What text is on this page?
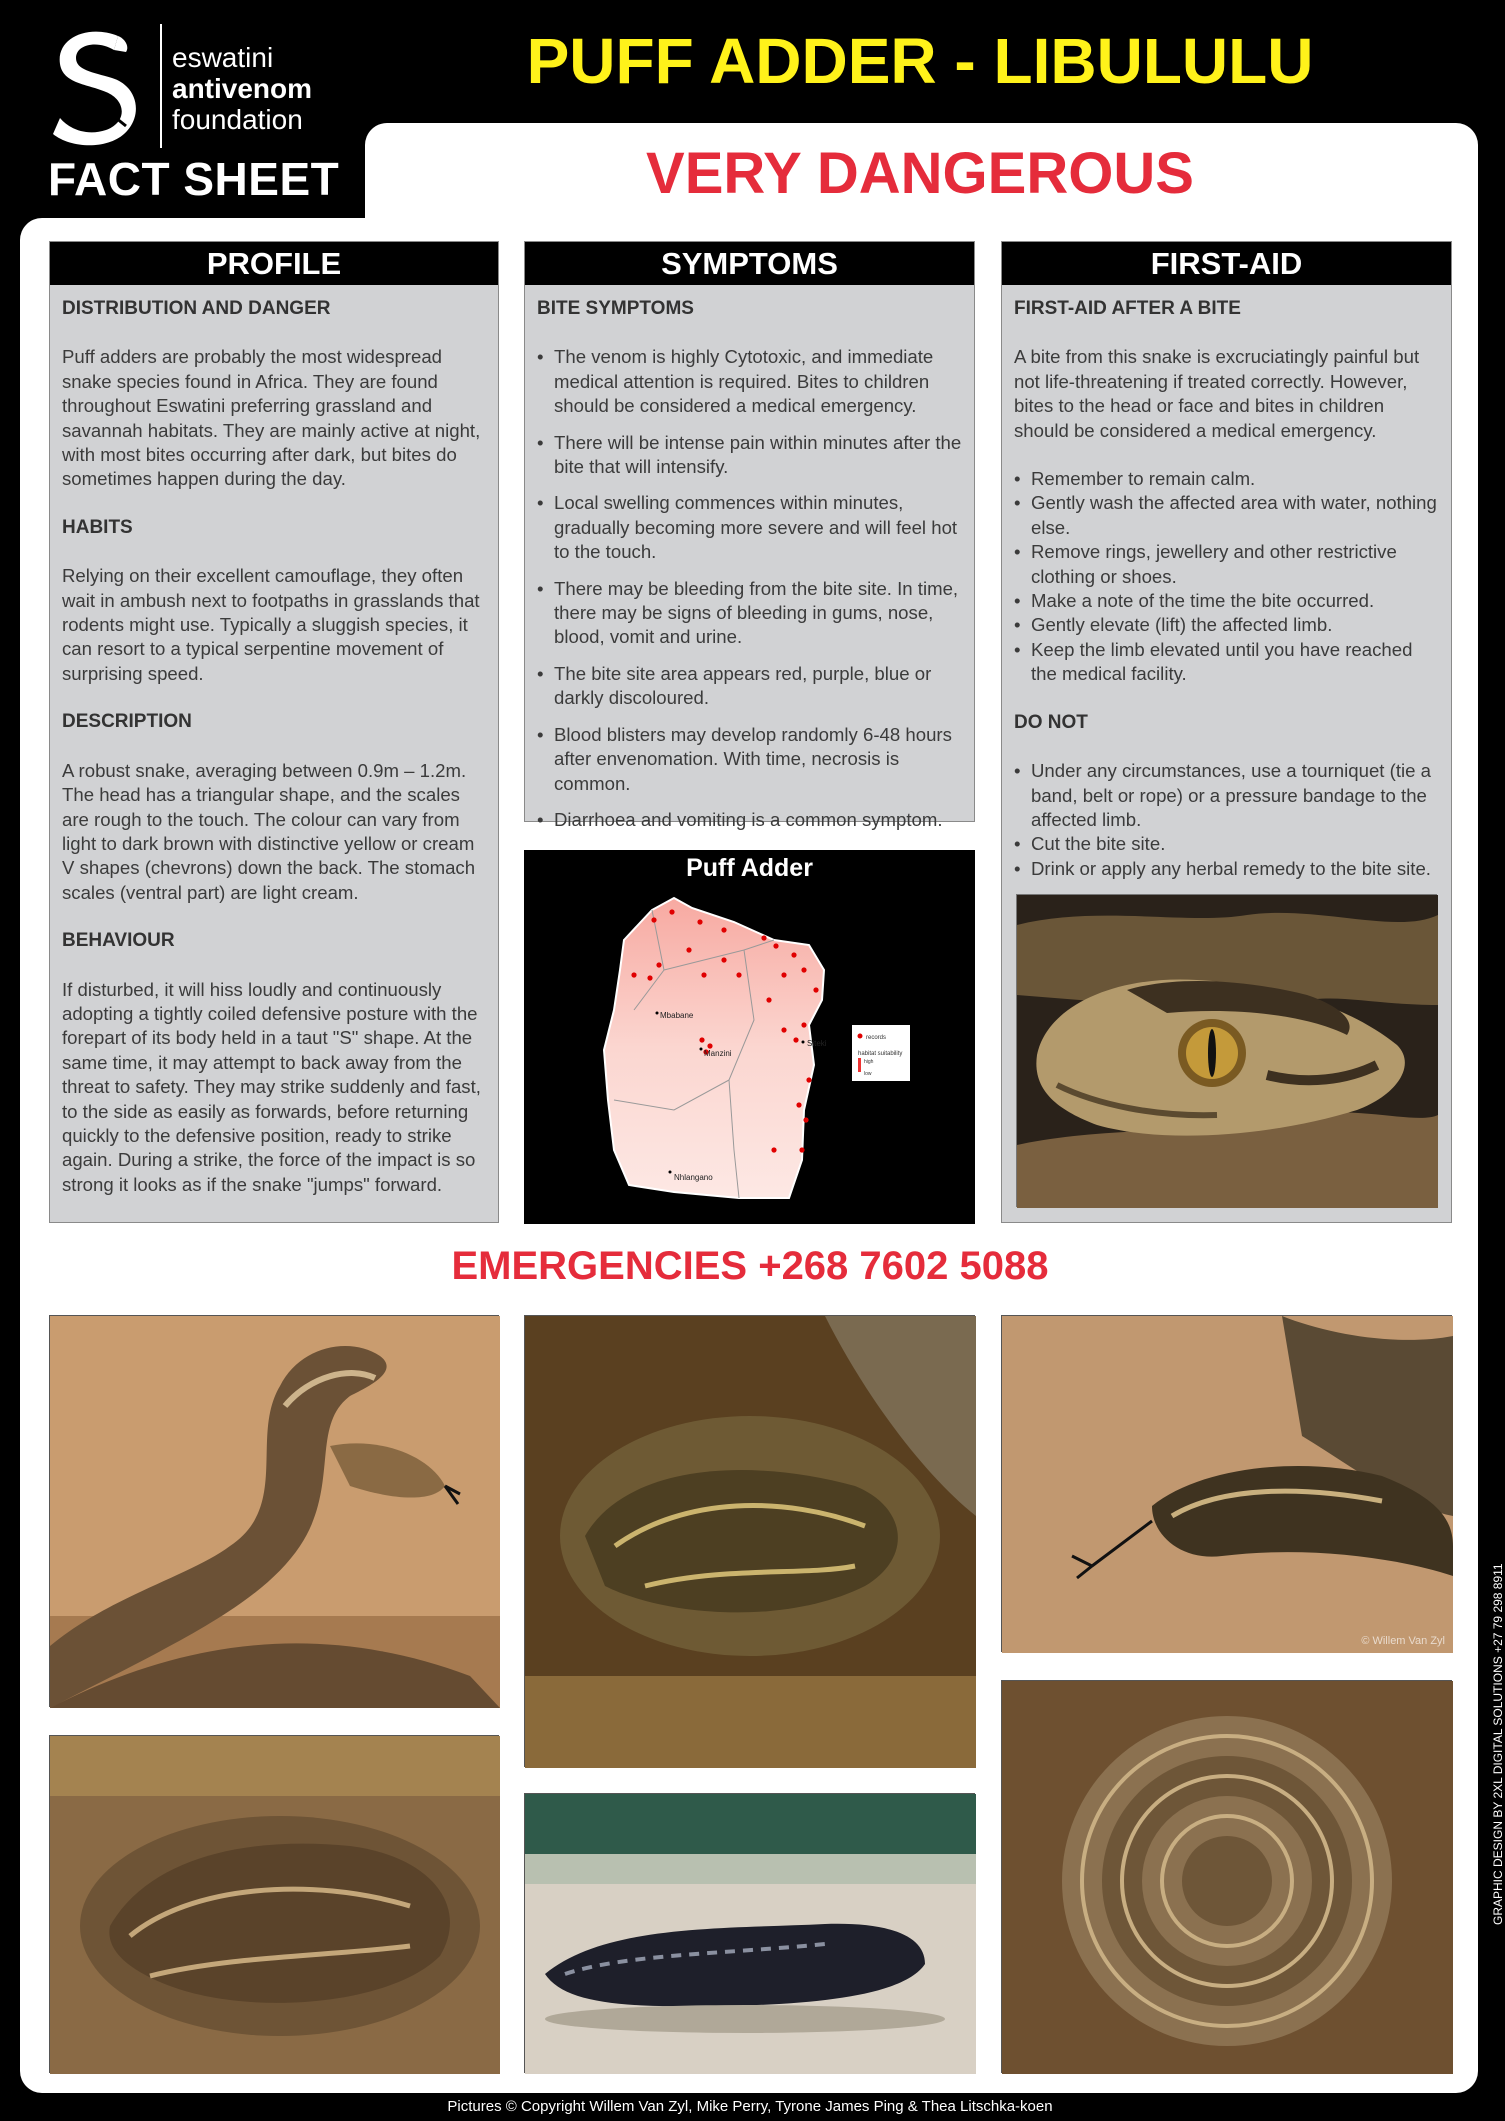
eswatini
antivenom
foundation
FACT SHEET
PUFF ADDER - LIBULULU
VERY DANGEROUS
PROFILE
DISTRIBUTION AND DANGER
Puff adders are probably the most widespread snake species found in Africa. They are found throughout Eswatini preferring grassland and savannah habitats. They are mainly active at night, with most bites occurring after dark, but bites do sometimes happen during the day.
HABITS
Relying on their excellent camouflage, they often wait in ambush next to footpaths in grasslands that rodents might use. Typically a sluggish species, it can resort to a typical serpentine movement of surprising speed.
DESCRIPTION
A robust snake, averaging between 0.9m – 1.2m. The head has a triangular shape, and the scales are rough to the touch. The colour can vary from light to dark brown with distinctive yellow or cream V shapes (chevrons) down the back. The stomach scales (ventral part) are light cream.
BEHAVIOUR
If disturbed, it will hiss loudly and continuously adopting a tightly coiled defensive posture with the forepart of its body held in a taut "S" shape. At the same time, it may attempt to back away from the threat to safety. They may strike suddenly and fast, to the side as easily as forwards, before returning quickly to the defensive position, ready to strike again. During a strike, the force of the impact is so strong it looks as if the snake "jumps" forward.
SYMPTOMS
BITE SYMPTOMS
• The venom is highly Cytotoxic, and immediate medical attention is required. Bites to children should be considered a medical emergency.
• There will be intense pain within minutes after the bite that will intensify.
• Local swelling commences within minutes, gradually becoming more severe and will feel hot to the touch.
• There may be bleeding from the bite site. In time, there may be signs of bleeding in gums, nose, blood, vomit and urine.
• The bite site area appears red, purple, blue or darkly discoloured.
• Blood blisters may develop randomly 6-48 hours after envenomation. With time, necrosis is common.
• Diarrhoea and vomiting is a common symptom.
Puff Adder
Mbabane
Manzini
Siteki
Nhlangano
records
habitat suitability
high
low
FIRST-AID
FIRST-AID AFTER A BITE
A bite from this snake is excruciatingly painful but not life-threatening if treated correctly. However, bites to the head or face and bites in children should be considered a medical emergency.
• Remember to remain calm.
• Gently wash the affected area with water, nothing else.
• Remove rings, jewellery and other restrictive clothing or shoes.
• Make a note of the time the bite occurred.
• Gently elevate (lift) the affected limb.
• Keep the limb elevated until you have reached the medical facility.
DO NOT
• Under any circumstances, use a tourniquet (tie a band, belt or rope) or a pressure bandage to the affected limb.
• Cut the bite site.
• Drink or apply any herbal remedy to the bite site.
EMERGENCIES +268 7602 5088
© Willem Van Zyl	GRAPHIC DESIGN BY 2XL DIGITAL SOLUTIONS +27 79 298 8911
Pictures © Copyright Willem Van Zyl, Mike Perry, Tyrone James Ping & Thea Litschka-koen
